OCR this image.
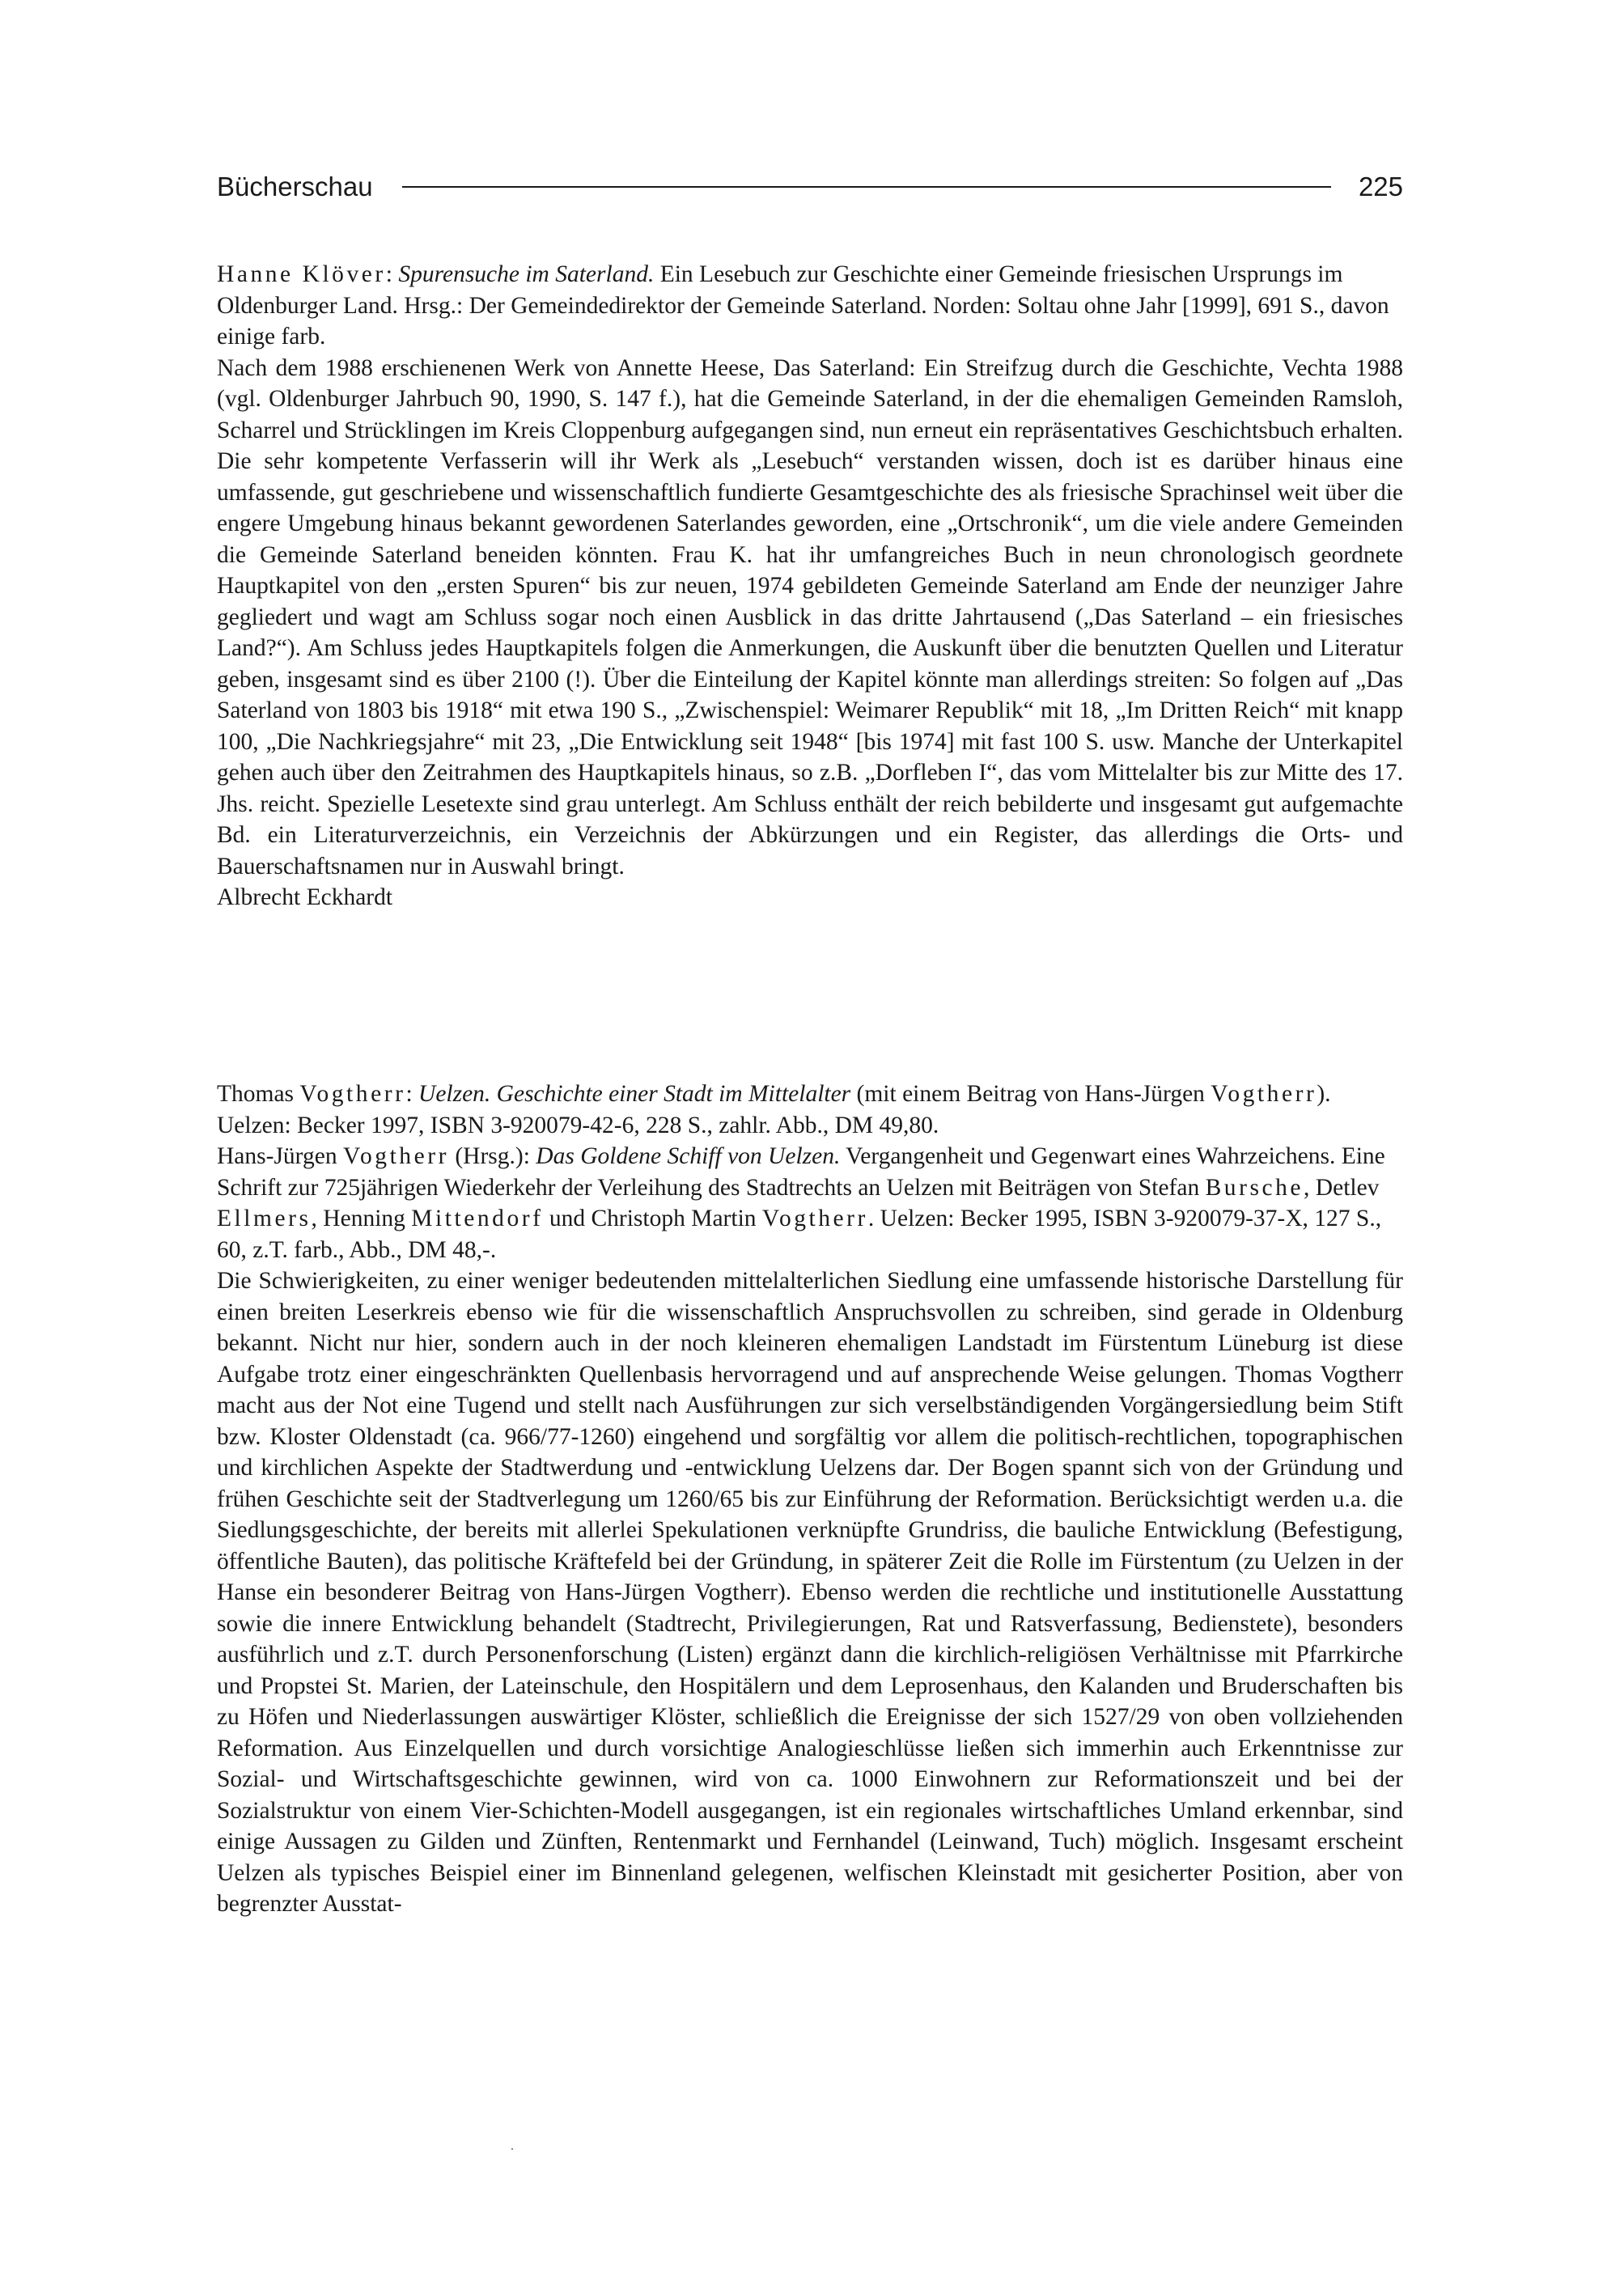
Bücherschau	225

Hanne Klöver: Spurensuche im Saterland. Ein Lesebuch zur Geschichte einer Gemeinde friesischen Ursprungs im Oldenburger Land. Hrsg.: Der Gemeindedirektor der Gemeinde Saterland. Norden: Soltau ohne Jahr [1999], 691 S., davon einige farb.

Nach dem 1988 erschienenen Werk von Annette Heese, Das Saterland: Ein Streifzug durch die Geschichte, Vechta 1988 (vgl. Oldenburger Jahrbuch 90, 1990, S. 147 f.), hat die Gemeinde Saterland, in der die ehemaligen Gemeinden Ramsloh, Scharrel und Strücklingen im Kreis Cloppenburg aufgegangen sind, nun erneut ein repräsentatives Geschichtsbuch erhalten. Die sehr kompetente Verfasserin will ihr Werk als „Lesebuch“ verstanden wissen, doch ist es darüber hinaus eine umfassende, gut geschriebene und wissenschaftlich fundierte Gesamtgeschichte des als friesische Sprachinsel weit über die engere Umgebung hinaus bekannt gewordenen Saterlandes geworden, eine „Ortschronik“, um die viele andere Gemeinden die Gemeinde Saterland beneiden könnten. Frau K. hat ihr umfangreiches Buch in neun chronologisch geordnete Hauptkapitel von den „ersten Spuren“ bis zur neuen, 1974 gebildeten Gemeinde Saterland am Ende der neunziger Jahre gegliedert und wagt am Schluss sogar noch einen Ausblick in das dritte Jahrtausend („Das Saterland – ein friesisches Land?“). Am Schluss jedes Hauptkapitels folgen die Anmerkungen, die Auskunft über die benutzten Quellen und Literatur geben, insgesamt sind es über 2100 (!). Über die Einteilung der Kapitel könnte man allerdings streiten: So folgen auf „Das Saterland von 1803 bis 1918“ mit etwa 190 S., „Zwischenspiel: Weimarer Republik“ mit 18, „Im Dritten Reich“ mit knapp 100, „Die Nachkriegsjahre“ mit 23, „Die Entwicklung seit 1948“ [bis 1974] mit fast 100 S. usw. Manche der Unterkapitel gehen auch über den Zeitrahmen des Hauptkapitels hinaus, so z.B. „Dorfleben I“, das vom Mittelalter bis zur Mitte des 17. Jhs. reicht. Spezielle Lesetexte sind grau unterlegt. Am Schluss enthält der reich bebilderte und insgesamt gut aufgemachte Bd. ein Literaturverzeichnis, ein Verzeichnis der Abkürzungen und ein Register, das allerdings die Orts- und Bauerschaftsnamen nur in Auswahl bringt.

Albrecht Eckhardt

Thomas Vogtherr: Uelzen. Geschichte einer Stadt im Mittelalter (mit einem Beitrag von Hans-Jürgen Vogtherr). Uelzen: Becker 1997, ISBN 3-920079-42-6, 228 S., zahlr. Abb., DM 49,80.

Hans-Jürgen Vogtherr (Hrsg.): Das Goldene Schiff von Uelzen. Vergangenheit und Gegenwart eines Wahrzeichens. Eine Schrift zur 725jährigen Wiederkehr der Verleihung des Stadtrechts an Uelzen mit Beiträgen von Stefan Bursche, Detlev Ellmers, Henning Mittendorf und Christoph Martin Vogtherr. Uelzen: Becker 1995, ISBN 3-920079-37-X, 127 S., 60, z.T. farb., Abb., DM 48,-.

Die Schwierigkeiten, zu einer weniger bedeutenden mittelalterlichen Siedlung eine umfassende historische Darstellung für einen breiten Leserkreis ebenso wie für die wissenschaftlich Anspruchsvollen zu schreiben, sind gerade in Oldenburg bekannt. Nicht nur hier, sondern auch in der noch kleineren ehemaligen Landstadt im Fürstentum Lüneburg ist diese Aufgabe trotz einer eingeschränkten Quellenbasis hervorragend und auf ansprechende Weise gelungen. Thomas Vogtherr macht aus der Not eine Tugend und stellt nach Ausführungen zur sich verselbständigenden Vorgängersiedlung beim Stift bzw. Kloster Oldenstadt (ca. 966/77-1260) eingehend und sorgfältig vor allem die politisch-rechtlichen, topographischen und kirchlichen Aspekte der Stadtwerdung und -entwicklung Uelzens dar. Der Bogen spannt sich von der Gründung und frühen Geschichte seit der Stadtverlegung um 1260/65 bis zur Einführung der Reformation. Berücksichtigt werden u.a. die Siedlungsgeschichte, der bereits mit allerlei Spekulationen verknüpfte Grundriss, die bauliche Entwicklung (Befestigung, öffentliche Bauten), das politische Kräftefeld bei der Gründung, in späterer Zeit die Rolle im Fürstentum (zu Uelzen in der Hanse ein besonderer Beitrag von Hans-Jürgen Vogtherr). Ebenso werden die rechtliche und institutionelle Ausstattung sowie die innere Entwicklung behandelt (Stadtrecht, Privilegierungen, Rat und Ratsverfassung, Bedienstete), besonders ausführlich und z.T. durch Personenforschung (Listen) ergänzt dann die kirchlich-religiösen Verhältnisse mit Pfarrkirche und Propstei St. Marien, der Lateinschule, den Hospitälern und dem Leprosenhaus, den Kalanden und Bruderschaften bis zu Höfen und Niederlassungen auswärtiger Klöster, schließlich die Ereignisse der sich 1527/29 von oben vollziehenden Reformation. Aus Einzelquellen und durch vorsichtige Analogieschlüsse ließen sich immerhin auch Erkenntnisse zur Sozial- und Wirtschaftsgeschichte gewinnen, wird von ca. 1000 Einwohnern zur Reformationszeit und bei der Sozialstruktur von einem Vier-Schichten-Modell ausgegangen, ist ein regionales wirtschaftliches Umland erkennbar, sind einige Aussagen zu Gilden und Zünften, Rentenmarkt und Fernhandel (Leinwand, Tuch) möglich. Insgesamt erscheint Uelzen als typisches Beispiel einer im Binnenland gelegenen, welfischen Kleinstadt mit gesicherter Position, aber von begrenzter Ausstat-
